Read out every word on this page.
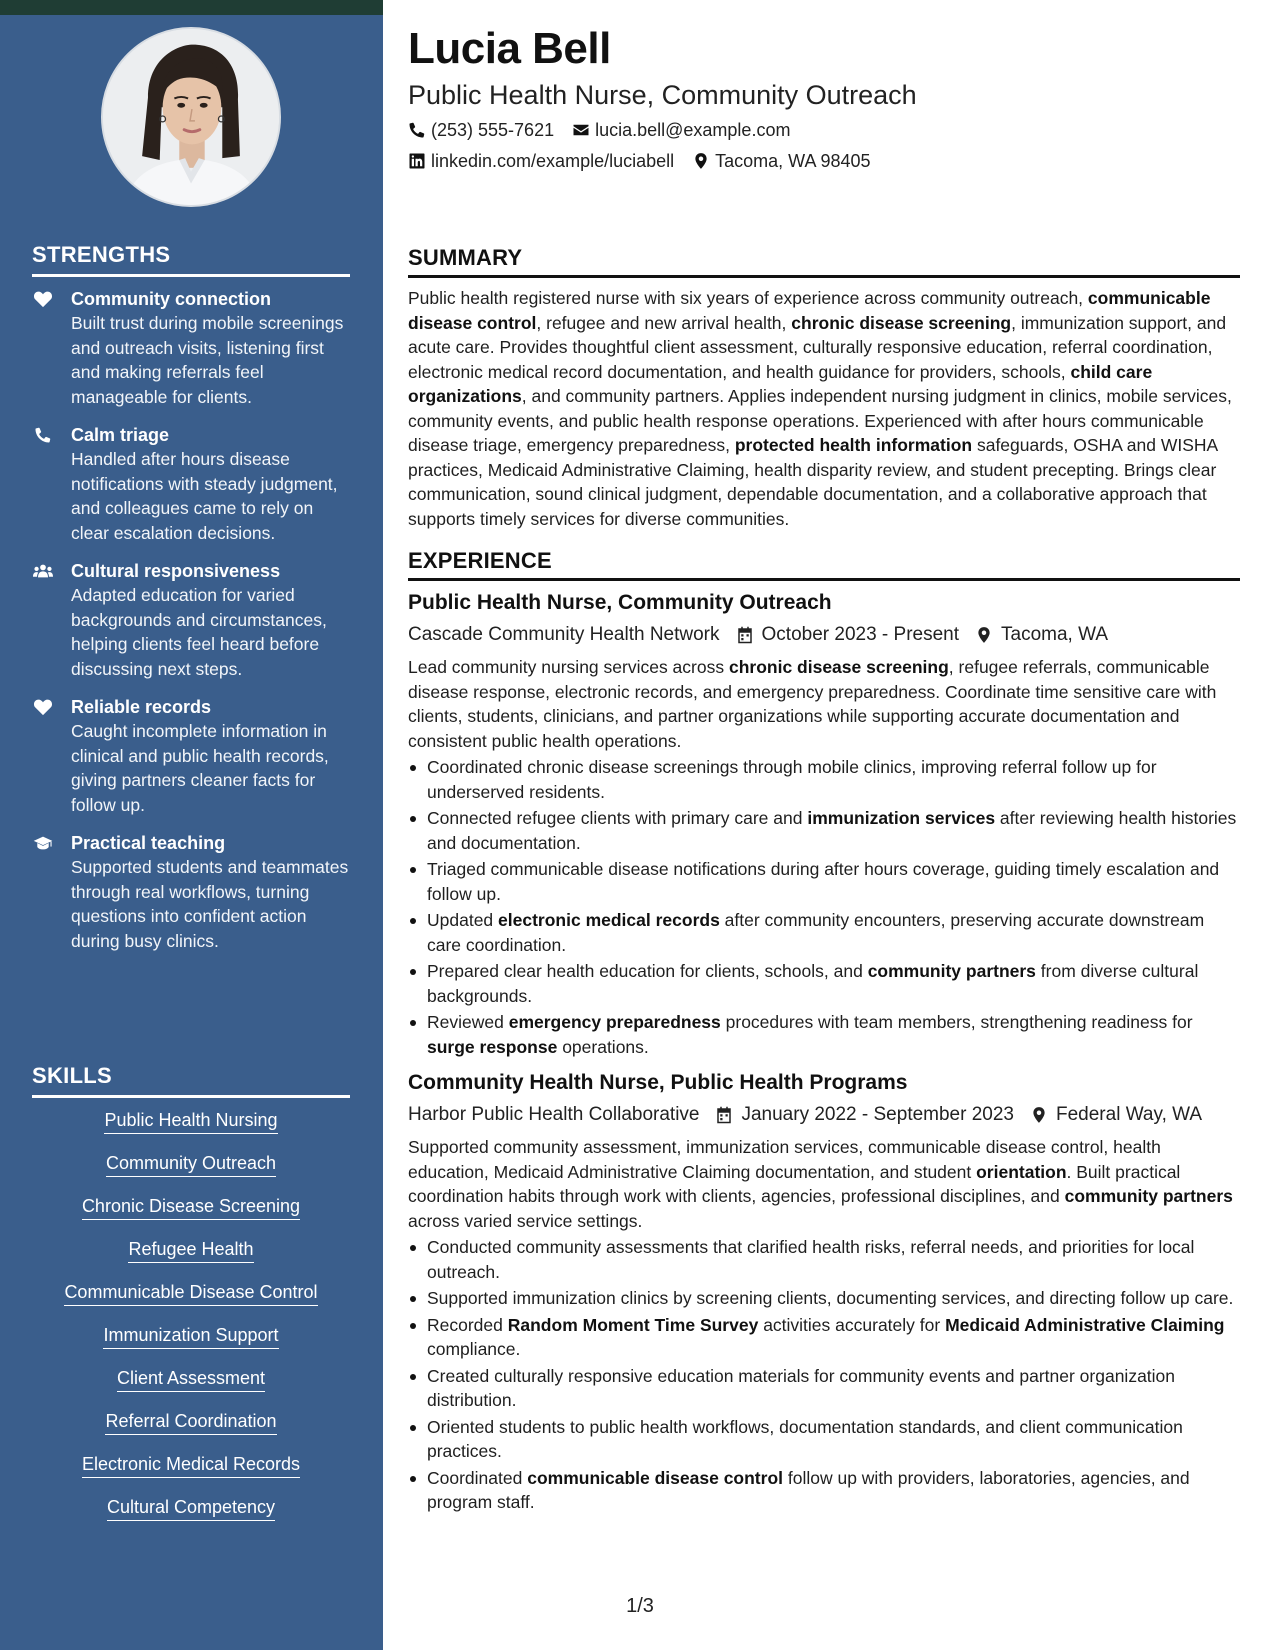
STRENGTHS
Community connection
Built trust during mobile screenings and outreach visits, listening first and making referrals feel manageable for clients.
Calm triage
Handled after hours disease notifications with steady judgment, and colleagues came to rely on clear escalation decisions.
Cultural responsiveness
Adapted education for varied backgrounds and circumstances, helping clients feel heard before discussing next steps.
Reliable records
Caught incomplete information in clinical and public health records, giving partners cleaner facts for follow up.
Practical teaching
Supported students and teammates through real workflows, turning questions into confident action during busy clinics.
SKILLS
Public Health Nursing
Community Outreach
Chronic Disease Screening
Refugee Health
Communicable Disease Control
Immunization Support
Client Assessment
Referral Coordination
Electronic Medical Records
Cultural Competency
Lucia Bell
Public Health Nurse, Community Outreach
(253) 555-7621 lucia.bell@example.com
linkedin.com/example/luciabell Tacoma, WA 98405
SUMMARY

Public health registered nurse with six years of experience across community outreach, communicable disease control, refugee and new arrival health, chronic disease screening, immunization support, and acute care. Provides thoughtful client assessment, culturally responsive education, referral coordination, electronic medical record documentation, and health guidance for providers, schools, child care organizations, and community partners. Applies independent nursing judgment in clinics, mobile services, community events, and public health response operations. Experienced with after hours communicable disease triage, emergency preparedness, protected health information safeguards, OSHA and WISHA practices, Medicaid Administrative Claiming, health disparity review, and student precepting. Brings clear communication, sound clinical judgment, dependable documentation, and a collaborative approach that supports timely services for diverse communities.

EXPERIENCE
Public Health Nurse, Community Outreach
Cascade Community Health Network October 2023 - Present Tacoma, WA

Lead community nursing services across chronic disease screening, refugee referrals, communicable disease response, electronic records, and emergency preparedness. Coordinate time sensitive care with clients, students, clinicians, and partner organizations while supporting accurate documentation and consistent public health operations.

Coordinated chronic disease screenings through mobile clinics, improving referral follow up for underserved residents.
Connected refugee clients with primary care and immunization services after reviewing health histories and documentation.
Triaged communicable disease notifications during after hours coverage, guiding timely escalation and follow up.
Updated electronic medical records after community encounters, preserving accurate downstream care coordination.
Prepared clear health education for clients, schools, and community partners from diverse cultural backgrounds.
Reviewed emergency preparedness procedures with team members, strengthening readiness for surge response operations.
Community Health Nurse, Public Health Programs
Harbor Public Health Collaborative January 2022 - September 2023 Federal Way, WA

Supported community assessment, immunization services, communicable disease control, health education, Medicaid Administrative Claiming documentation, and student orientation. Built practical coordination habits through work with clients, agencies, professional disciplines, and community partners across varied service settings.

Conducted community assessments that clarified health risks, referral needs, and priorities for local outreach.
Supported immunization clinics by screening clients, documenting services, and directing follow up care.
Recorded Random Moment Time Survey activities accurately for Medicaid Administrative Claiming compliance.
Created culturally responsive education materials for community events and partner organization distribution.
Oriented students to public health workflows, documentation standards, and client communication practices.
Coordinated communicable disease control follow up with providers, laboratories, agencies, and program staff.
1/3
